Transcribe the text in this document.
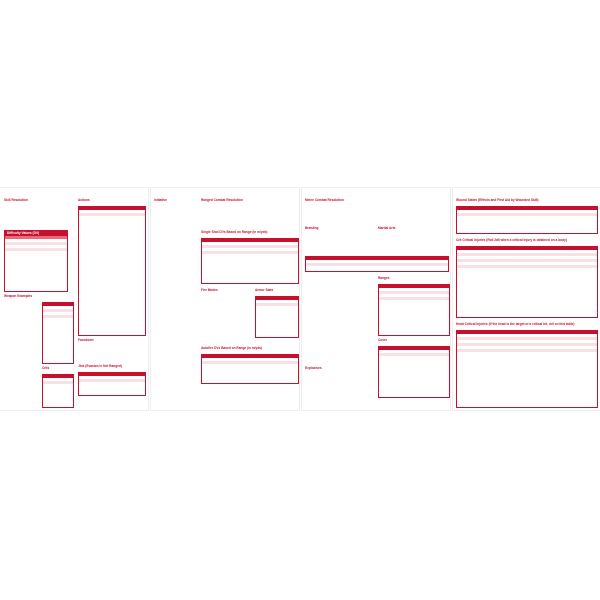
Skill Resolution
Difficulty Values (DV)
Weapon Examples
Crits
Actions
Facedown
Jink (Evasion in Net Ranged)
Initiative	Ranged Combat Resolution
Single Shot DVs Based on Range (in m/yds)
Fire Modes	Armor Stats
Autofire DVs Based on Range (in m/yds)
Melee Combat Resolution
Brawling	Martial Arts
Ranges
Cover
Explosives
Wound States (Effects and First Aid by Wounded Skill)
Crit Critical Injuries (Roll 2d6 when a critical injury is obtained on a body)
Head Critical Injuries (If the head is the target of a critical hit, roll on this table)
